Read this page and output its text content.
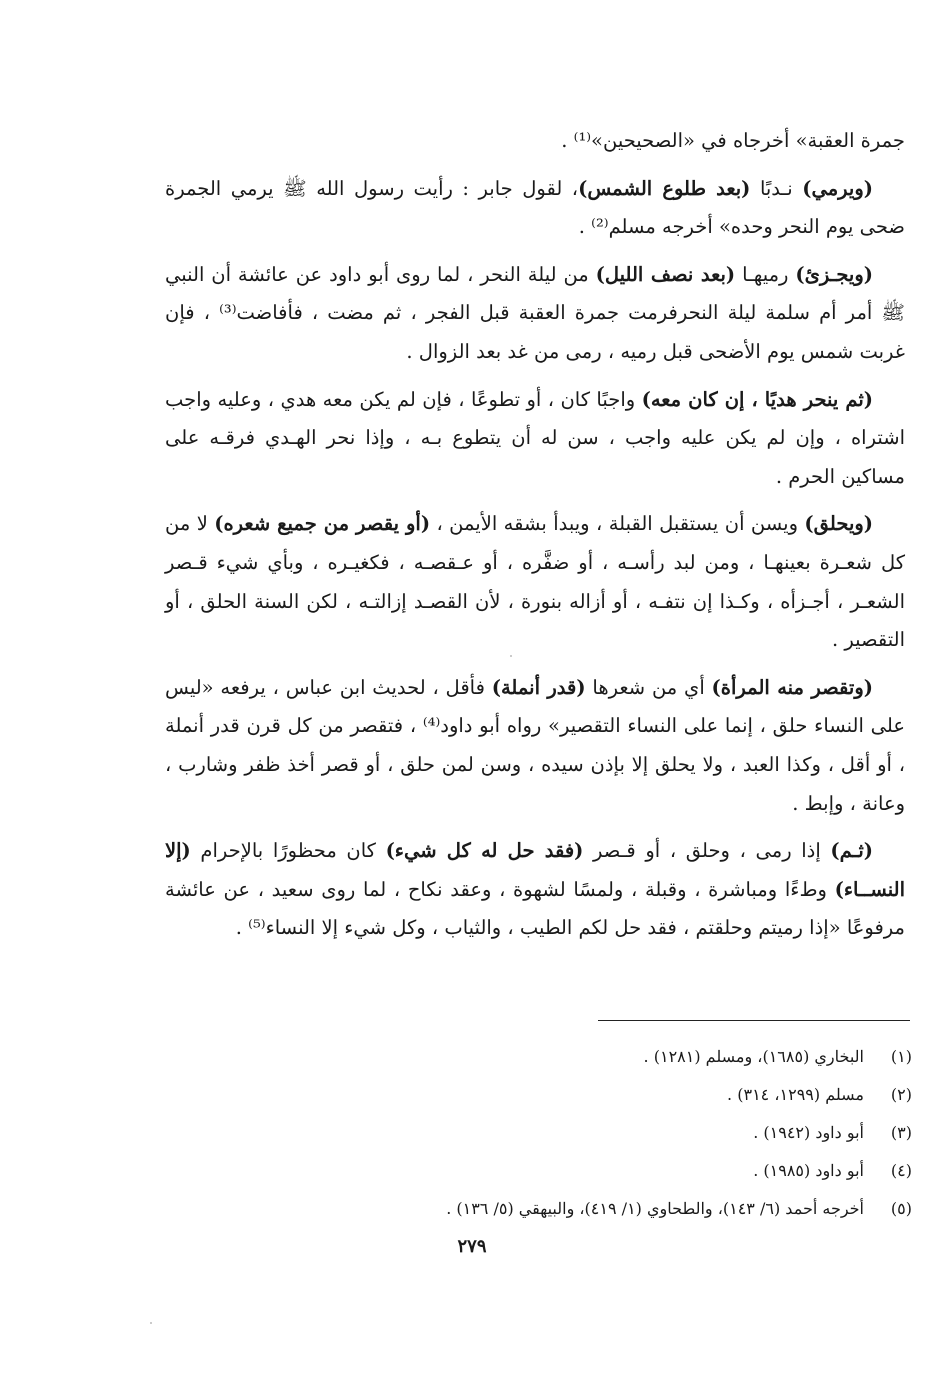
جمرة العقبة» أخرجاه في «الصحيحين»⁽¹⁾ .

(ويرمي) نـدبًا (بعد طلوع الشمس)، لقول جابر : رأيت رسول الله ﷺ يرمي الجمرة ضحى يوم النحر وحده» أخرجه مسلم⁽²⁾ .

(ويجـزئ) رميهـا (بعد نصف الليل) من ليلة النحر ، لما روى أبو داود عن عائشة أن النبي ﷺ أمر أم سلمة ليلة النحرفرمت جمرة العقبة قبل الفجر ، ثم مضت ، فأفاضت⁽³⁾ ، فإن غربت شمس يوم الأضحى قبل رميه ، رمى من غد بعد الزوال .

(ثم ينحر هديًا ، إن كان معه) واجبًا كان ، أو تطوعًا ، فإن لم يكن معه هدي ، وعليه واجب اشتراه ، وإن لم يكن عليه واجب ، سن له أن يتطوع بـه ، وإذا نحر الهـدي فرقـه على مساكين الحرم .

(ويحلق) ويسن أن يستقبل القبلة ، ويبدأ بشقه الأيمن ، (أو يقصر من جميع شعره) لا من كل شعـرة بعينهـا ، ومن لبد رأسـه ، أو ضفَّره ، أو عـقصـه ، فكغيـره ، وبأي شيء قـصر الشعـر ، أجـزأه ، وكـذا إن نتفـه ، أو أزاله بنورة ، لأن القصـد إزالتـه ، لكن السنة الحلق ، أو التقصير .

(وتقصر منه المرأة) أي من شعرها (قدر أنملة) فأقل ، لحديث ابن عباس ، يرفعه «ليس على النساء حلق ، إنما على النساء التقصير» رواه أبو داود⁽⁴⁾ ، فتقصر من كل قرن قدر أنملة ، أو أقل ، وكذا العبد ، ولا يحلق إلا بإذن سيده ، وسن لمن حلق ، أو قصر أخذ ظفر وشارب ، وعانة ، وإبط .

(ثـم) إذا رمى ، وحلق ، أو قـصر (فقد حل له كل شيء) كان محظورًا بالإحرام (إلا النســاء) وطءًا ومباشرة ، وقبلة ، ولمسًا لشهوة ، وعقد نكاح ، لما روى سعيد ، عن عائشة مرفوعًا «إذا رميتم وحلقتم ، فقد حل لكم الطيب ، والثياب ، وكل شيء إلا النساء⁽⁵⁾ .

(١)
البخاري (١٦٨٥)، ومسلم (١٢٨١) .
(٢)
مسلم (١٢٩٩، ٣١٤) .
(٣)
أبو داود (١٩٤٢) .
(٤)
أبو داود (١٩٨٥) .
(٥)
أخرجه أحمد (٦/ ١٤٣)، والطحاوي (١/ ٤١٩)، والبيهقي (٥/ ١٣٦) .
٢٧٩
